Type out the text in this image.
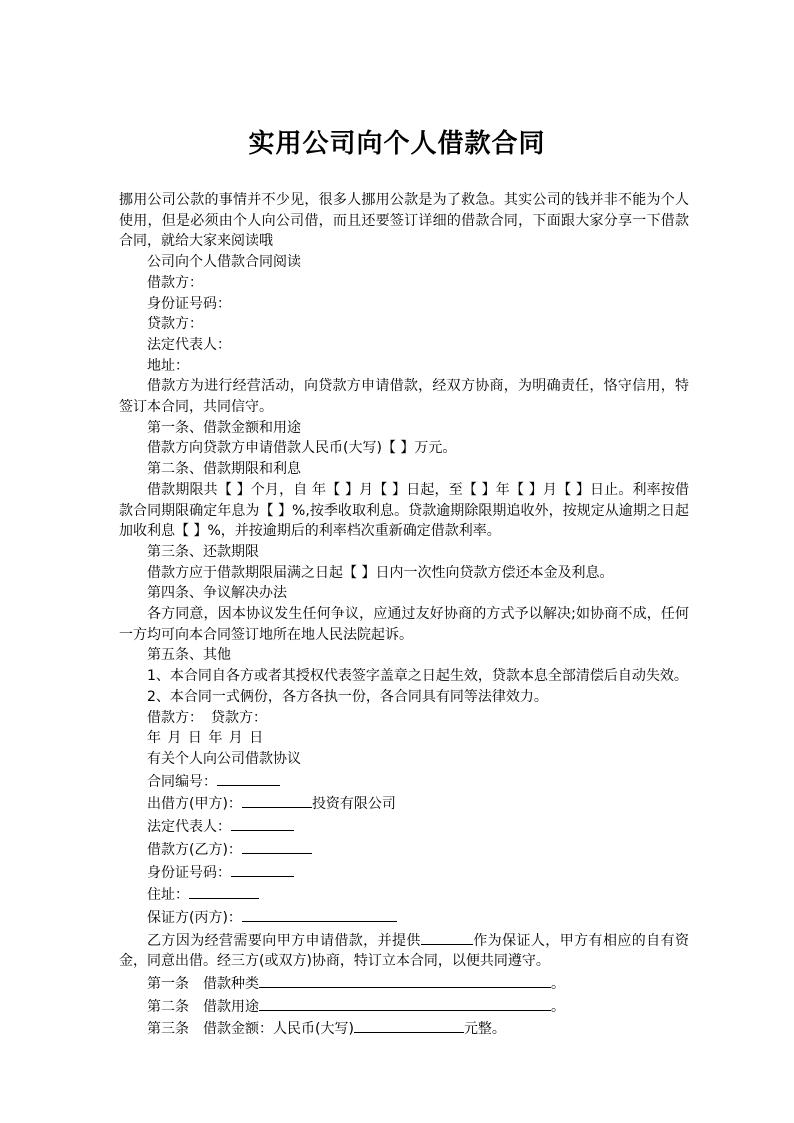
实用公司向个人借款合同

挪用公司公款的事情并不少见，很多人挪用公款是为了救急。其实公司的钱并非不能为个人使用，但是必须由个人向公司借，而且还要签订详细的借款合同，下面跟大家分享一下借款合同，就给大家来阅读哦

公司向个人借款合同阅读

借款方：

身份证号码：

贷款方：

法定代表人：

地址：

借款方为进行经营活动，向贷款方申请借款，经双方协商，为明确责任，恪守信用，特签订本合同，共同信守。

第一条、借款金额和用途

借款方向贷款方申请借款人民币(大写)【 】万元。

第二条、借款期限和利息

借款期限共【 】个月，自 年【 】月【 】日起，至【 】年【 】月【 】日止。利率按借款合同期限确定年息为【 】%,按季收取利息。贷款逾期除限期追收外，按规定从逾期之日起加收利息【 】%，并按逾期后的利率档次重新确定借款利率。

第三条、还款期限

借款方应于借款期限届满之日起【 】日内一次性向贷款方偿还本金及利息。

第四条、争议解决办法

各方同意，因本协议发生任何争议，应通过友好协商的方式予以解决;如协商不成，任何一方均可向本合同签订地所在地人民法院起诉。

第五条、其他

1、本合同自各方或者其授权代表签字盖章之日起生效，贷款本息全部清偿后自动失效。

2、本合同一式俩份，各方各执一份，各合同具有同等法律效力。

借款方： 贷款方：

年 月 日 年 月 日

有关个人向公司借款协议

合同编号：

出借方(甲方)：	投资有限公司

法定代表人：

借款方(乙方)：

身份证号码：

住址：

保证方(丙方)：

乙方因为经营需要向甲方申请借款，并提供	作为保证人，甲方有相应的自有资金，同意出借。经三方(或双方)协商，特订立本合同，以便共同遵守。

第一条 借款种类	。

第二条 借款用途	。

第三条 借款金额：人民币(大写)	元整。
